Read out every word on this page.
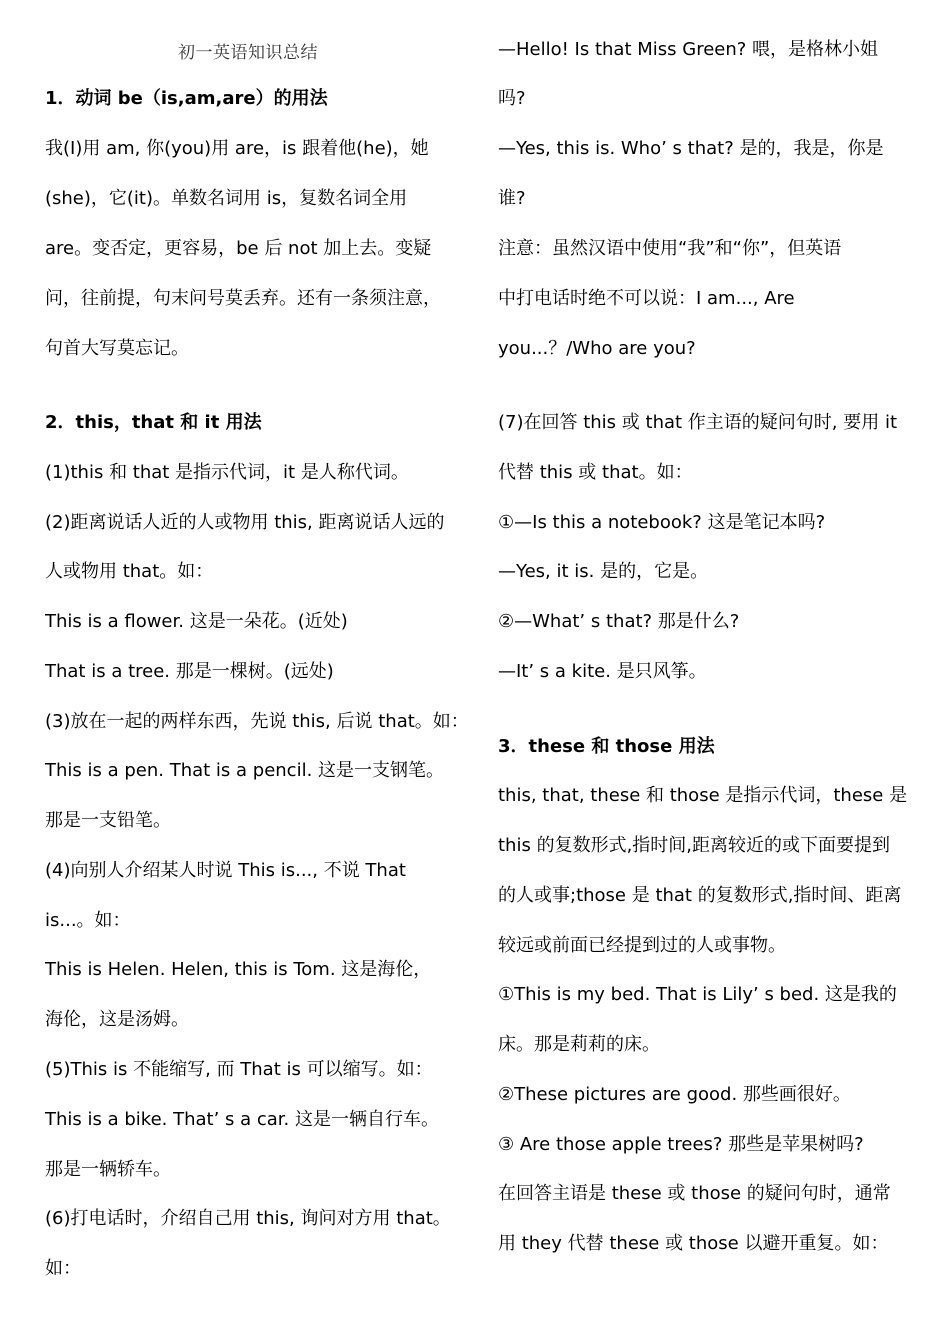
初一英语知识总结
1．动词 be（is,am,are）的用法
我(I)用 am, 你(you)用 are，is 跟着他(he)，她
(she)，它(it)。单数名词用 is，复数名词全用
are。变否定，更容易，be 后 not 加上去。变疑
问，往前提，句末问号莫丢弃。还有一条须注意，
句首大写莫忘记。
2．this，that 和 it 用法
(1)this 和 that 是指示代词，it 是人称代词。
(2)距离说话人近的人或物用 this, 距离说话人远的
人或物用 that。如：
This is a flower. 这是一朵花。(近处)
That is a tree. 那是一棵树。(远处)
(3)放在一起的两样东西，先说 this, 后说 that。如：
This is a pen. That is a pencil. 这是一支钢笔。
那是一支铅笔。
(4)向别人介绍某人时说 This is..., 不说 That
is...。如：
This is Helen. Helen, this is Tom. 这是海伦，
海伦，这是汤姆。
(5)This is 不能缩写, 而 That is 可以缩写。如：
This is a bike. That’ s a car. 这是一辆自行车。
那是一辆轿车。
(6)打电话时，介绍自己用 this, 询问对方用 that。
如：
—Hello! Is that Miss Green? 喂，是格林小姐
吗?
—Yes, this is. Who’ s that? 是的，我是，你是
谁?
注意：虽然汉语中使用“我”和“你”，但英语
中打电话时绝不可以说：I am..., Are
you...？/Who are you?
(7)在回答 this 或 that 作主语的疑问句时, 要用 it
代替 this 或 that。如：
①—Is this a notebook? 这是笔记本吗?
—Yes, it is. 是的，它是。
②—What’ s that? 那是什么?
—It’ s a kite. 是只风筝。
3．these 和 those 用法
this, that, these 和 those 是指示代词，these 是
this 的复数形式,指时间,距离较近的或下面要提到
的人或事;those 是 that 的复数形式,指时间、距离
较远或前面已经提到过的人或事物。
①This is my bed. That is Lily’ s bed. 这是我的
床。那是莉莉的床。
②These pictures are good. 那些画很好。
③ Are those apple trees? 那些是苹果树吗?
在回答主语是 these 或 those 的疑问句时，通常
用 they 代替 these 或 those 以避开重复。如：
